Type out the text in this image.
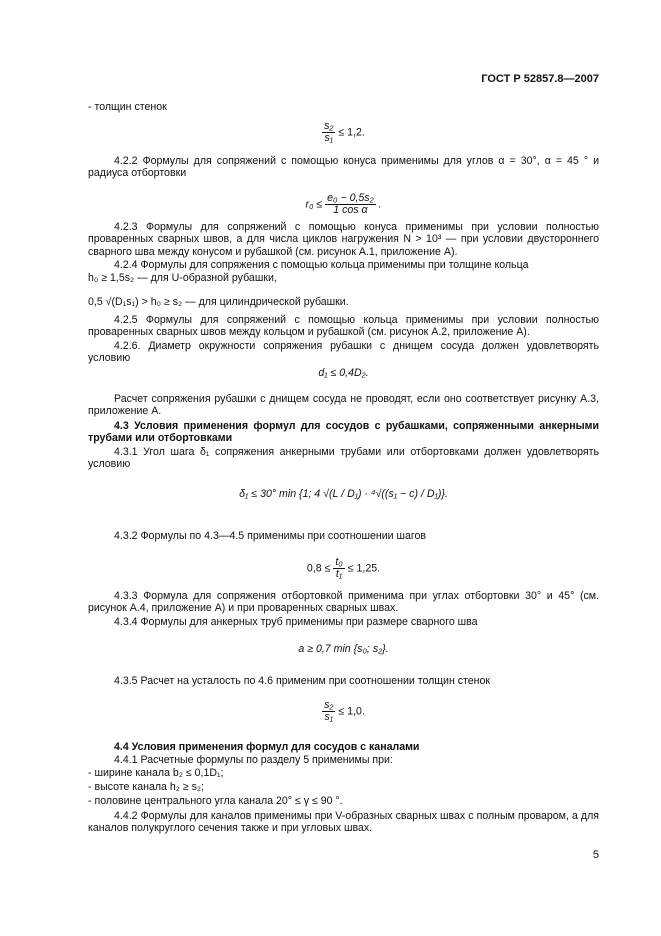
ГОСТ Р 52857.8—2007
- толщин стенок
$\frac{\text{s₂}}{\text{s₁}} \le 1,2$.
4.2.2 Формулы для сопряжений с помощью конуса применимы для углов α = 30°, α = 45 ° и радиуса отбортовки
$r_0 \le \frac{\text{e₀ − 0,5s₂}}{\text{1 cos α}}$ .
4.2.3 Формулы для сопряжений с помощью конуса применимы при условии полностью проваренных сварных швов, а для числа циклов нагружения N > 10³ — при условии двустороннего сварного шва между конусом и рубашкой (см. рисунок А.1, приложение А).
4.2.4 Формулы для сопряжения с помощью кольца применимы при толщине кольца
h₀ ≥ 1,5s₂ — для U-образной рубашки,
0,5 √(D₁s₁) > h₀ ≥ s₂ — для цилиндрической рубашки.
4.2.5 Формулы для сопряжений с помощью кольца применимы при условии полностью проваренных сварных швов между кольцом и рубашкой (см. рисунок А.2, приложение А).
4.2.6. Диаметр окружности сопряжения рубашки с днищем сосуда должен удовлетворять условию
d₁ ≤ 0,4D₂.
Расчет сопряжения рубашки с днищем сосуда не проводят, если оно соответствует рисунку А.3, приложение А.
4.3 Условия применения формул для сосудов с рубашками, сопряженными анкерными трубами или отбортовками
4.3.1 Угол шага δ₁ сопряжения анкерными трубами или отбортовками должен удовлетворять условию
δ₁ ≤ 30° min {1; 4 √(L / D₁) · ⁴√((s₁ − c) / D₁)}.
4.3.2 Формулы по 4.3—4.5 применимы при соотношении шагов
$0,8 \le \frac{\text{t₀}}{\text{t₁}} \le 1,25$.
4.3.3 Формула для сопряжения отбортовкой применима при углах отбортовки 30° и 45° (см. рисунок А.4, приложение А) и при проваренных сварных швах.
4.3.4 Формулы для анкерных труб применимы при размере сварного шва
a ≥ 0,7 min {s₀; s₂}.
4.3.5 Расчет на усталость по 4.6 применим при соотношении толщин стенок
$\frac{\text{s₂}}{\text{s₁}} \le 1,0$.
4.4 Условия применения формул для сосудов с каналами
4.4.1 Расчетные формулы по разделу 5 применимы при:
- ширине канала b₂ ≤ 0,1D₁;
- высоте канала h₂ ≥ s₂;
- половине центрального угла канала 20° ≤ γ ≤ 90 °.
4.4.2 Формулы для каналов применимы при V-образных сварных швах с полным проваром, а для каналов полукруглого сечения также и при угловых швах.
5
